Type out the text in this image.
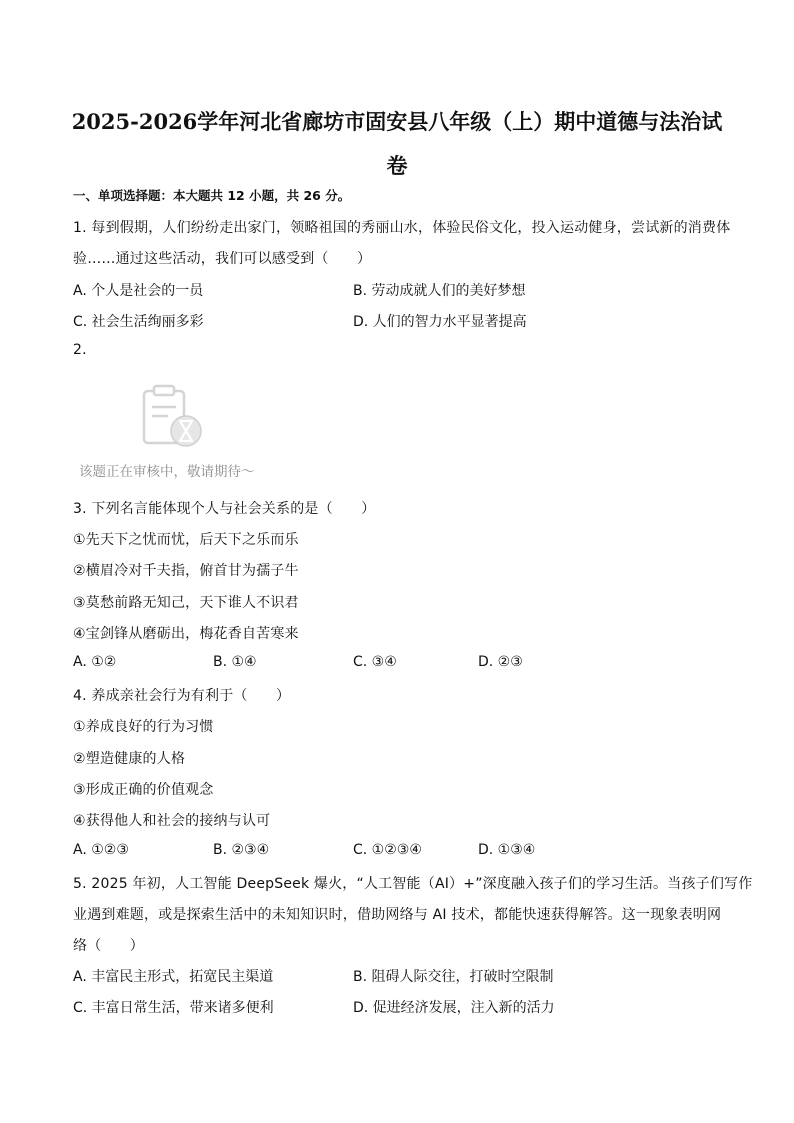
2025-2026学年河北省廊坊市固安县八年级（上）期中道德与法治试
卷
一、单项选择题：本大题共 12 小题，共 26 分。
1. 每到假期，人们纷纷走出家门，领略祖国的秀丽山水，体验民俗文化，投入运动健身，尝试新的消费体
验……通过这些活动，我们可以感受到（　　）
A. 个人是社会的一员	B. 劳动成就人们的美好梦想
C. 社会生活绚丽多彩	D. 人们的智力水平显著提高
2.
该题正在审核中，敬请期待～
3. 下列名言能体现个人与社会关系的是（　　）
①先天下之忧而忧，后天下之乐而乐
②横眉冷对千夫指，俯首甘为孺子牛
③莫愁前路无知己，天下谁人不识君
④宝剑锋从磨砺出，梅花香自苦寒来
A. ①②	B. ①④	C. ③④	D. ②③
4. 养成亲社会行为有利于（　　）
①养成良好的行为习惯
②塑造健康的人格
③形成正确的价值观念
④获得他人和社会的接纳与认可
A. ①②③	B. ②③④	C. ①②③④	D. ①③④
5. 2025 年初，人工智能 DeepSeek 爆火，“人工智能（AI）+”深度融入孩子们的学习生活。当孩子们写作
业遇到难题，或是探索生活中的未知知识时，借助网络与 AI 技术，都能快速获得解答。这一现象表明网
络（　　）
A. 丰富民主形式，拓宽民主渠道	B. 阻碍人际交往，打破时空限制
C. 丰富日常生活，带来诸多便利	D. 促进经济发展，注入新的活力
